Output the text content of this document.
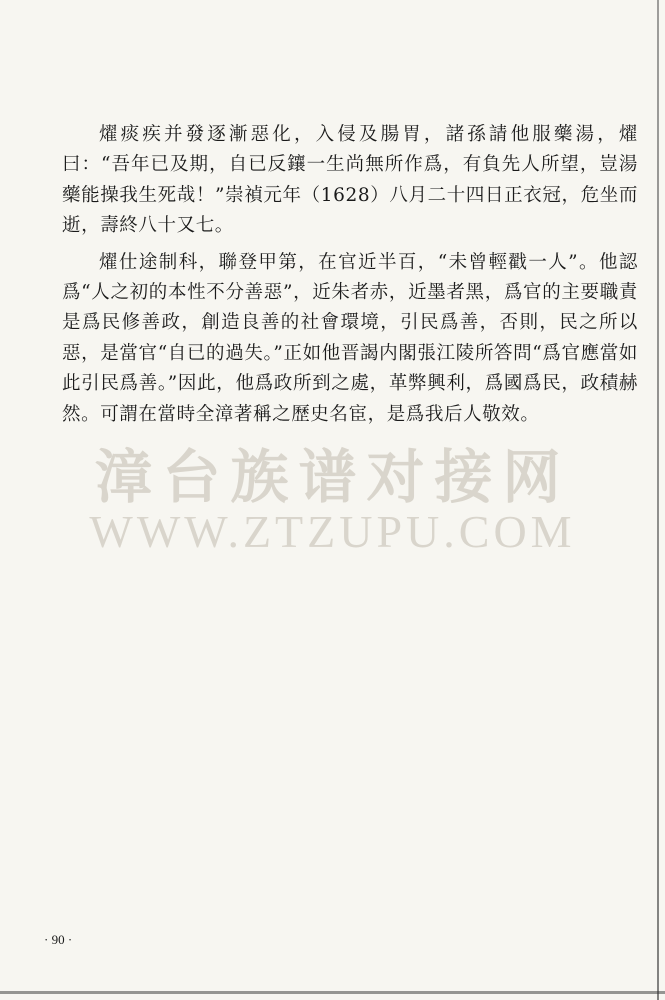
燿痰疾并發逐漸惡化，入侵及腸胃，諸孫請他服藥湯，燿曰：“吾年已及期，自已反鑲一生尚無所作爲，有負先人所望，豈湯藥能操我生死哉！”崇禎元年（1628）八月二十四日正衣冠，危坐而逝，壽終八十又七。

燿仕途制科，聯登甲第，在官近半百，“未曾輕戳一人”。他認爲“人之初的本性不分善惡”，近朱者赤，近墨者黑，爲官的主要職責是爲民修善政，創造良善的社會環境，引民爲善，否則，民之所以惡，是當官“自已的過失。”正如他晋謁内閣張江陵所答問“爲官應當如此引民爲善。”因此，他爲政所到之處，革弊興利，爲國爲民，政積赫然。可謂在當時全漳著稱之歷史名宦，是爲我后人敬效。

漳台族谱对接网
WWW.ZTZUPU.COM
· 90 ·
